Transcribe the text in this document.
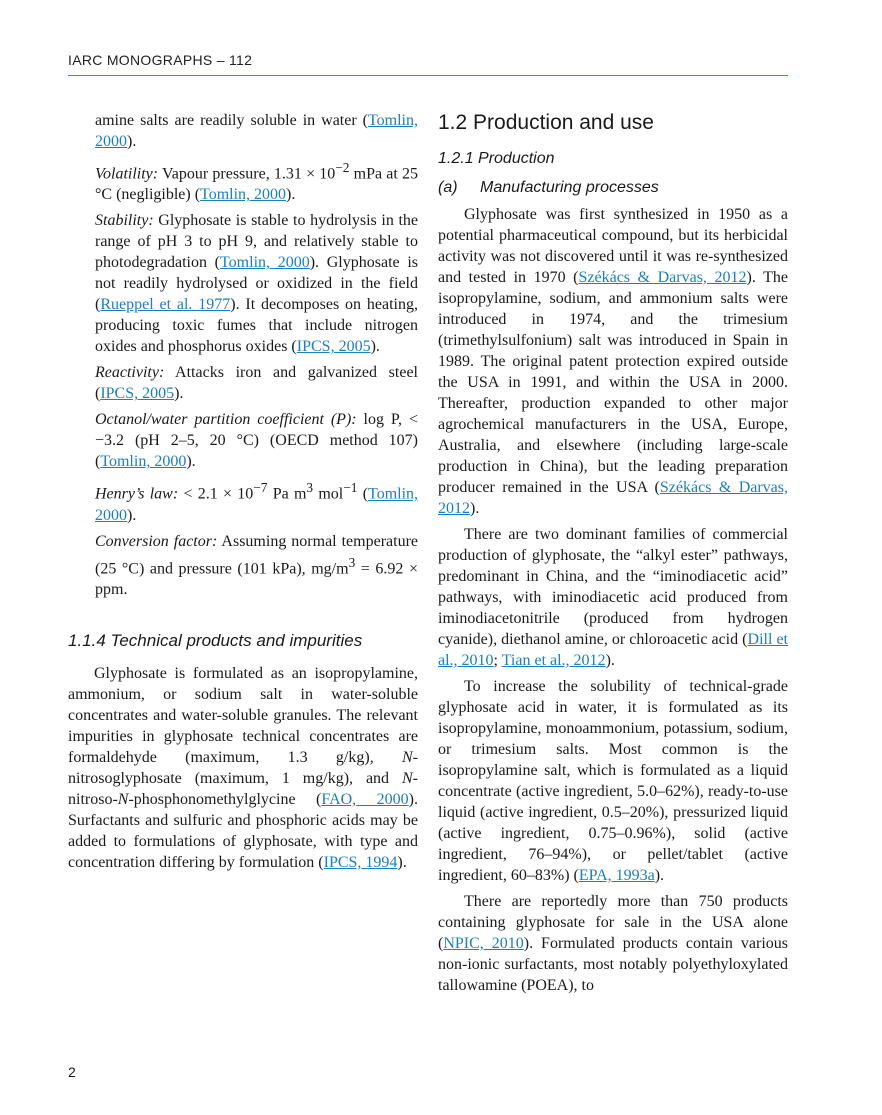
IARC MONOGRAPHS – 112

amine salts are readily soluble in water (Tomlin, 2000).

Volatility: Vapour pressure, $1.31 \times 10^{-2}$ mPa at 25 °C (negligible) (Tomlin, 2000).

Stability: Glyphosate is stable to hydrolysis in the range of pH 3 to pH 9, and relatively stable to photodegradation (Tomlin, 2000). Glyphosate is not readily hydrolysed or oxidized in the field (Rueppel et al. 1977). It decomposes on heating, producing toxic fumes that include nitrogen oxides and phosphorus oxides (IPCS, 2005).

Reactivity: Attacks iron and galvanized steel (IPCS, 2005).

Octanol/water partition coefficient (P): log P, < −3.2 (pH 2–5, 20 °C) (OECD method 107) (Tomlin, 2000).

Henry’s law: < $2.1 \times 10^{-7}$ Pa $m^3$ mol$^{-1}$ (Tomlin, 2000).

Conversion factor: Assuming normal temperature (25 °C) and pressure (101 kPa), $mg/m^3 = 6.92$ × ppm.

1.1.4 Technical products and impurities

Glyphosate is formulated as an isopropylamine, ammonium, or sodium salt in water-soluble concentrates and water-soluble granules. The relevant impurities in glyphosate technical concentrates are formaldehyde (maximum, 1.3 g/kg), N-nitrosoglyphosate (maximum, 1 mg/kg), and N-nitroso-N-phosphonomethylglycine (FAO, 2000). Surfactants and sulfuric and phosphoric acids may be added to formulations of glyphosate, with type and concentration differing by formulation (IPCS, 1994).

1.2 Production and use
1.2.1 Production
(a) Manufacturing processes

Glyphosate was first synthesized in 1950 as a potential pharmaceutical compound, but its herbicidal activity was not discovered until it was re-synthesized and tested in 1970 (Székács & Darvas, 2012). The isopropylamine, sodium, and ammonium salts were introduced in 1974, and the trimesium (trimethylsulfonium) salt was introduced in Spain in 1989. The original patent protection expired outside the USA in 1991, and within the USA in 2000. Thereafter, production expanded to other major agrochemical manufacturers in the USA, Europe, Australia, and elsewhere (including large-scale production in China), but the leading preparation producer remained in the USA (Székács & Darvas, 2012).

There are two dominant families of commercial production of glyphosate, the “alkyl ester” pathways, predominant in China, and the “iminodiacetic acid” pathways, with iminodiacetic acid produced from iminodiacetonitrile (produced from hydrogen cyanide), diethanol amine, or chloroacetic acid (Dill et al., 2010; Tian et al., 2012).

To increase the solubility of technical-grade glyphosate acid in water, it is formulated as its isopropylamine, monoammonium, potassium, sodium, or trimesium salts. Most common is the isopropylamine salt, which is formulated as a liquid concentrate (active ingredient, 5.0–62%), ready-to-use liquid (active ingredient, 0.5–20%), pressurized liquid (active ingredient, 0.75–0.96%), solid (active ingredient, 76–94%), or pellet/tablet (active ingredient, 60–83%) (EPA, 1993a).

There are reportedly more than 750 products containing glyphosate for sale in the USA alone (NPIC, 2010). Formulated products contain various non-ionic surfactants, most notably polyethyloxylated tallowamine (POEA), to

2
